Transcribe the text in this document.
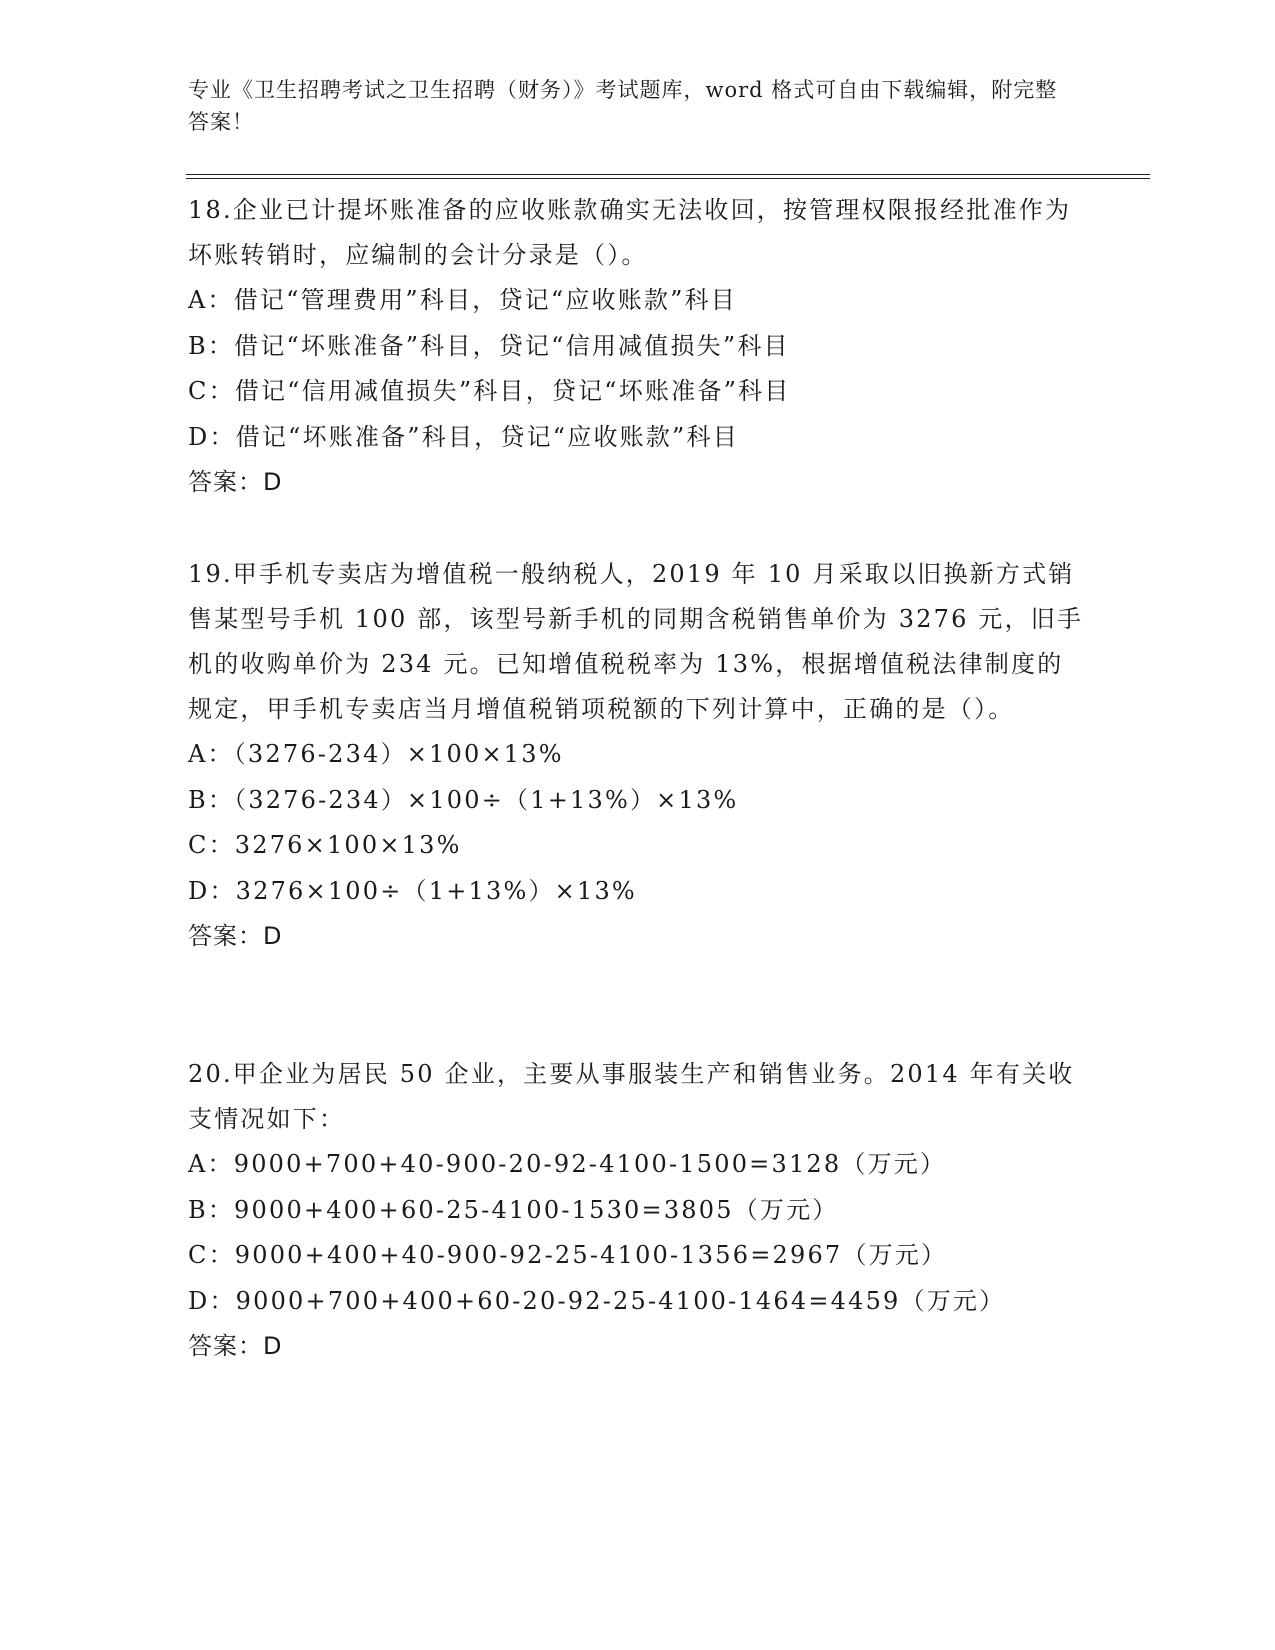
专业《卫生招聘考试之卫生招聘（财务）》考试题库，word 格式可自由下载编辑，附完整答案！

18.企业已计提坏账准备的应收账款确实无法收回，按管理权限报经批准作为坏账转销时，应编制的会计分录是（）。

A：借记“管理费用”科目，贷记“应收账款”科目

B：借记“坏账准备”科目，贷记“信用减值损失”科目

C：借记“信用减值损失”科目，贷记“坏账准备”科目

D：借记“坏账准备”科目，贷记“应收账款”科目

答案：D

19.甲手机专卖店为增值税一般纳税人，2019 年 10 月采取以旧换新方式销售某型号手机 100 部，该型号新手机的同期含税销售单价为 3276 元，旧手机的收购单价为 234 元。已知增值税税率为 13%，根据增值税法律制度的规定，甲手机专卖店当月增值税销项税额的下列计算中，正确的是（）。

A：（3276-234）×100×13%

B：（3276-234）×100÷（1+13%）×13%

C：3276×100×13%

D：3276×100÷（1+13%）×13%

答案：D

20.甲企业为居民 50 企业，主要从事服装生产和销售业务。2014 年有关收支情况如下：

A：9000+700+40-900-20-92-4100-1500=3128（万元）

B：9000+400+60-25-4100-1530=3805（万元）

C：9000+400+40-900-92-25-4100-1356=2967（万元）

D：9000+700+400+60-20-92-25-4100-1464=4459（万元）

答案：D
